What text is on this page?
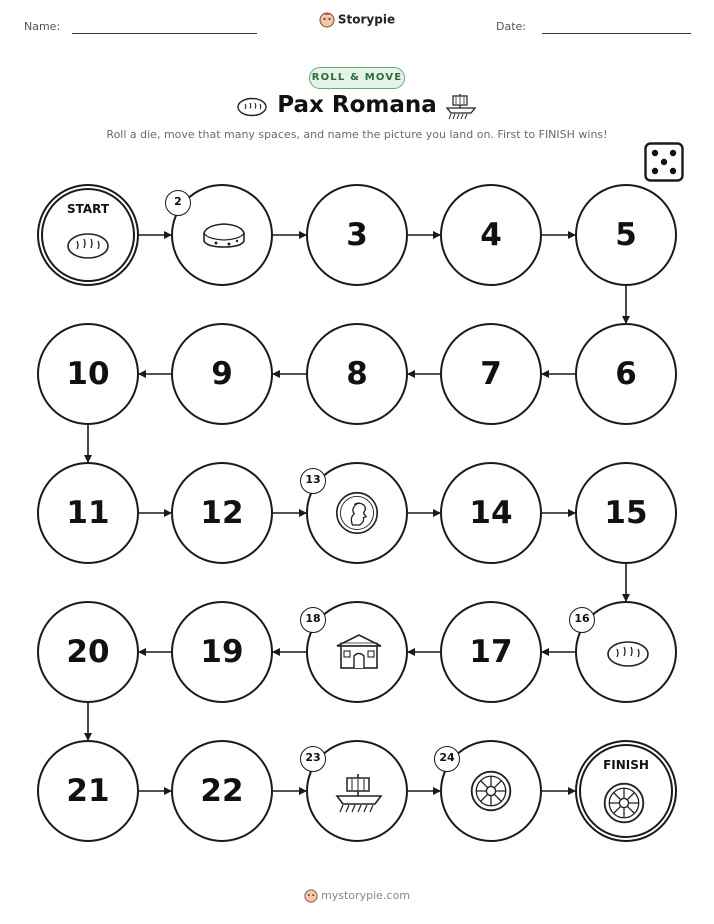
Name:	Storypie	Date:
ROLL & MOVE
Pax Romana
Roll a die, move that many spaces, and name the picture you land on. First to FINISH wins!
START
2
3	4	5
6
7
8
9
10
11	12
13
14	15
16
17
18
19
20
21	22
23	24
FINISH
mystorypie.com
